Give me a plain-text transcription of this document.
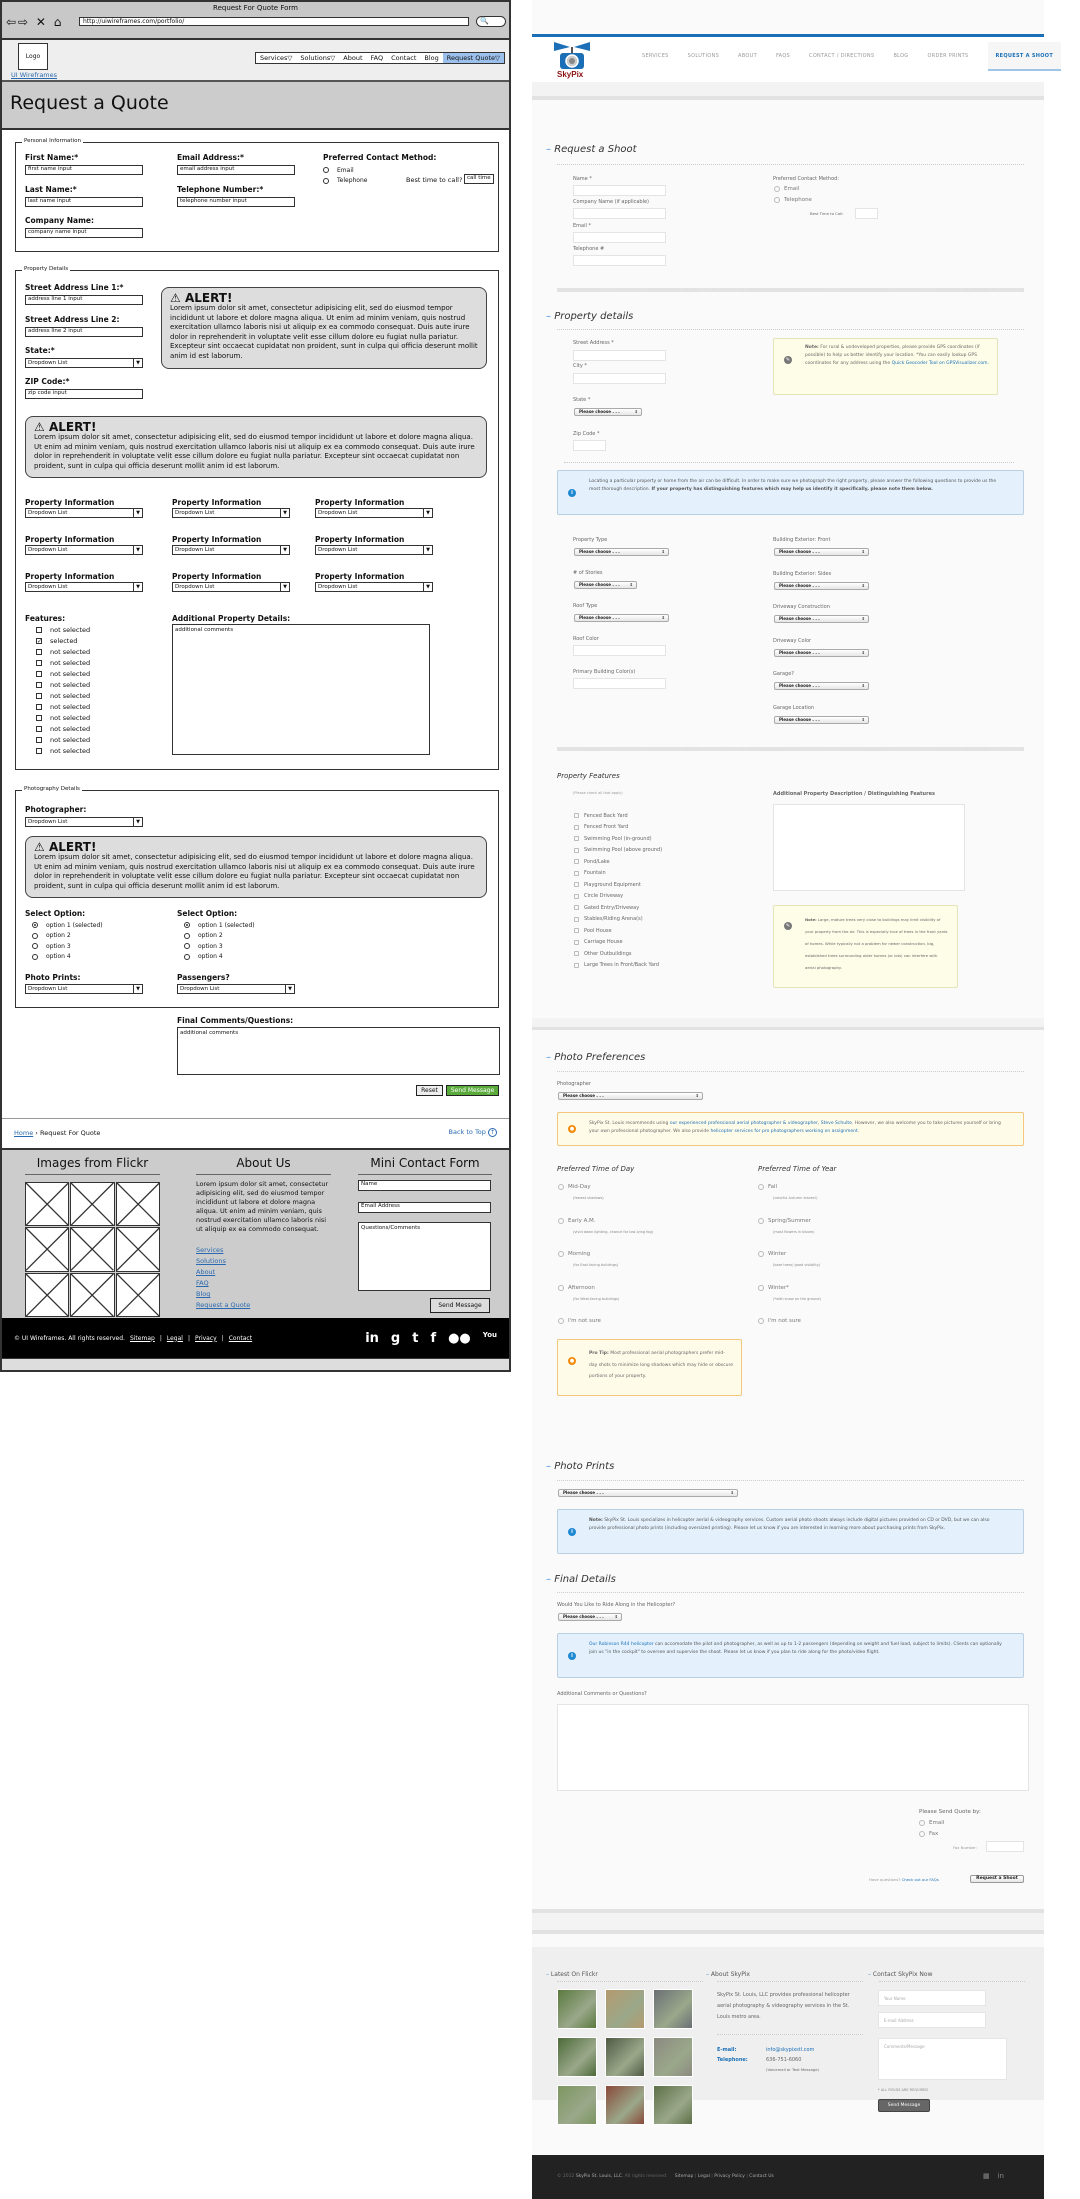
Request For Quote Form
⇦⇨ ✕ ⌂	http://uiwireframes.com/portfolio/	🔍
Logo
UI Wireframes
Services▽	Solutions▽	About	FAQ	Contact	Blog	Request Quote▽
Request a Quote
Personal Information
First Name:*
first name input
Last Name:*
last name input
Company Name:
company name input
Email Address:*
email address input
Telephone Number:*
telephone number input
Preferred Contact Method:
Email
Telephone	Best time to call? call time
Property Details
Street Address Line 1:*
address line 1 input
Street Address Line 2:
address line 2 input
State:*
Dropdown List ▼
ZIP Code:*
zip code input
⚠ ALERT!
Lorem ipsum dolor sit amet, consectetur adipisicing elit, sed do eiusmod tempor incididunt ut labore et dolore magna aliqua. Ut enim ad minim veniam, quis nostrud exercitation ullamco laboris nisi ut aliquip ex ea commodo consequat. Duis aute irure dolor in reprehenderit in voluptate velit esse cillum dolore eu fugiat nulla pariatur. Excepteur sint occaecat cupidatat non proident, sunt in culpa qui officia deserunt mollit anim id est laborum.
⚠ ALERT!
Lorem ipsum dolor sit amet, consectetur adipisicing elit, sed do eiusmod tempor incididunt ut labore et dolore magna aliqua. Ut enim ad minim veniam, quis nostrud exercitation ullamco laboris nisi ut aliquip ex ea commodo consequat. Duis aute irure dolor in reprehenderit in voluptate velit esse cillum dolore eu fugiat nulla pariatur. Excepteur sint occaecat cupidatat non proident, sunt in culpa qui officia deserunt mollit anim id est laborum.
Property Information
Dropdown List ▼
Property Information
Dropdown List ▼
Property Information
Dropdown List ▼
Property Information
Dropdown List ▼
Property Information
Dropdown List ▼
Property Information
Dropdown List ▼
Property Information
Dropdown List ▼
Property Information
Dropdown List ▼
Property Information
Dropdown List ▼
Features:
not selected
✓ selected
not selected
not selected
not selected
not selected
not selected
not selected
not selected
not selected
not selected
not selected
Additional Property Details:
additional comments
Photography Details
Photographer:
Dropdown List ▼
⚠ ALERT!
Lorem ipsum dolor sit amet, consectetur adipisicing elit, sed do eiusmod tempor incididunt ut labore et dolore magna aliqua. Ut enim ad minim veniam, quis nostrud exercitation ullamco laboris nisi ut aliquip ex ea commodo consequat. Duis aute irure dolor in reprehenderit in voluptate velit esse cillum dolore eu fugiat nulla pariatur. Excepteur sint occaecat cupidatat non proident, sunt in culpa qui officia deserunt mollit anim id est laborum.
Select Option:
option 1 (selected)
option 2
option 3
option 4
Select Option:
option 1 (selected)
option 2
option 3
option 4
Photo Prints:
Dropdown List ▼
Passengers?
Dropdown List ▼
Final Comments/Questions:
additional comments
Reset	Send Message
Home › Request For Quote	Back to Top ↑
Images from Flickr	About Us
Lorem ipsum dolor sit amet, consectetur adipisicing elit, sed do eiusmod tempor incididunt ut labore et dolore magna aliqua. Ut enim ad minim veniam, quis nostrud exercitation ullamco laboris nisi ut aliquip ex ea commodo consequat.
Services
Solutions
About
FAQ
Blog
Request a Quote
Mini Contact Form
Name
Email Address
Questions/Comments
Send Message
© UI Wireframes. All rights reserved. Sitemap | Legal | Privacy | Contact	in g t f ●● You
SkyPix
SERVICES	SOLUTIONS	ABOUT	FAQS	CONTACT / DIRECTIONS	BLOG	ORDER PRINTS	REQUEST A SHOOT
– Request a Shoot
Name *
Company Name (if applicable)
Email *
Telephone #
Preferred Contact Method:
Email
Telephone
Best Time to Call:
– Property details
Street Address *
City *
State *
Please choose . . . ⇕
Zip Code *
✎
Note: For rural & undeveloped properties, please provide GPS coordinates (if possible) to help us better identify your location. *You can easily lookup GPS coordinates for any address using the Quick Geocoder Tool on GPSVisualizer.com.
i
Locating a particular property or home from the air can be difficult. In order to make sure we photograph the right property, please answer the following questions to provide us the most thorough description. If your property has distinguishing features which may help us identify it specifically, please note them below.
Property Type
Please choose . . . ⇕
# of Stories
Please choose . . . ⇕
Roof Type
Please choose . . . ⇕
Roof Color
Primary Building Color(s)
Building Exterior: Front
Please choose . . . ⇕
Building Exterior: Sides
Please choose . . . ⇕
Driveway Construction
Please choose . . . ⇕
Driveway Color
Please choose . . . ⇕
Garage?
Please choose . . . ⇕
Garage Location
Please choose . . . ⇕
Property Features
(Please check all that apply)
Fenced Back Yard
Fenced Front Yard
Swimming Pool (in-ground)
Swimming Pool (above ground)
Pond/Lake
Fountain
Playground Equipment
Circle Driveway
Gated Entry/Driveway
Stables/Riding Arena(s)
Pool House
Carriage House
Other Outbuildings
Large Trees in Front/Back Yard
Additional Property Description / Distinguishing Features
✎
Note: Large, mature trees very close to buildings may limit visibility of your property from the air. This is especially true of trees in the front yards of homes. While typically not a problem for newer construction, big, established trees surrounding older homes (or lots) can interfere with aerial photography.
– Photo Preferences
Photographer
Please choose . . . ⇕
●
SkyPix St. Louis recommends using our experienced professional aerial photographer & videographer, Steve Schulte. However, we also welcome you to take pictures yourself or bring your own professional photographer. We also provide helicopter services for pro photographers working on assignment.
Preferred Time of Day	Preferred Time of Year
Mid-Day
(fewest shadows)
Early A.M.
(vivid dawn lighting, chance for low-lying fog)
Morning
(for East-facing buildings)
Afternoon
(for West-facing buildings)
I'm not sure
Fall
(colorful Autumn leaves!)
Spring/Summer
(most flowers in bloom)
Winter
(bare trees/ good visibility)
Winter*
(*with snow on the ground)
I'm not sure
●
Pro Tip: Most professional aerial photographers prefer mid-day shots to minimize long shadows which may hide or obscure portions of your property.
– Photo Prints
Please choose . . . ⇕
i
Note: SkyPix St. Louis specializes in helicopter aerial & videography services. Custom aerial photo shoots always include digital pictures provided on CD or DVD, but we can also provide professional photo prints (including oversized printing). Please let us know if you are interested in learning more about purchasing prints from SkyPix.
– Final Details
Would You Like to Ride Along in the Helicopter?
Please choose . . . ⇕
i
Our Robinson R44 helicopter can accomodate the pilot and photographer, as well as up to 1-2 passengers (depending on weight and fuel load, subject to limits). Clients can optionally join us "in the cockpit" to oversee and supervise the shoot. Please let us know if you plan to ride along for the photo/video flight.
Additional Comments or Questions?
Please Send Quote by:
Email
Fax
Fax Number:
Have questions? Check out our FAQs	Request a Shoot
– Latest On Flickr	– About SkyPix
SkyPix St. Louis, LLC provides professional helicopter aerial photography & videography services in the St. Louis metro area.
E-mail:
Telephone:
info@skypixstl.com
636-751-6060
(Voicemail or Text Message)
– Contact SkyPix Now
Your Name
E-mail Address
Comments/Message
* ALL FIELDS ARE REQUIRED
Send Message
© 2012 SkyPix St. Louis, LLC. All rights reserved. Sitemap | Legal | Privacy Policy | Contact Us	▦ in
